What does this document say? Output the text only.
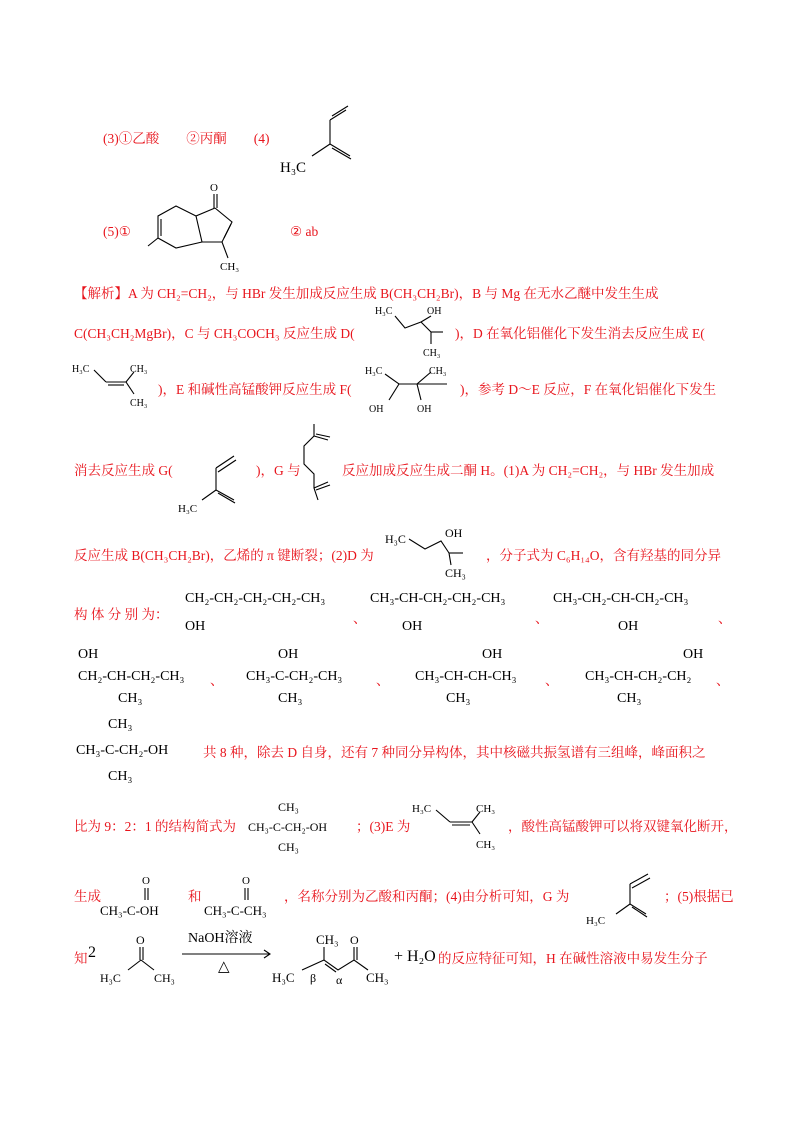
(3)①乙酸　　②丙酮　　(4)
H₃C
(5)①
O
CH₃
② ab
【解析】A 为 CH₂=CH₂，与 HBr 发生加成反应生成 B(CH₃CH₂Br)，B 与 Mg 在无水乙醚中发生生成
C(CH₃CH₂MgBr)，C 与 CH₃COCH₃ 反应生成 D(
H₃C	OH
CH₃
)，D 在氧化铝催化下发生消去反应生成 E(
H₃C	CH₃
CH₃
)，E 和碱性高锰酸钾反应生成 F(
H₃C	CH₃
OH	OH
)，参考 D～E 反应，F 在氧化铝催化下发生
消去反应生成 G(
H₃C
)，G 与	反应加成反应生成二酮 H。(1)A 为 CH₂=CH₂，与 HBr 发生加成
反应生成 B(CH₃CH₂Br)，乙烯的 π 键断裂；(2)D 为
H₃C	OH
CH₃
，分子式为 C₆H₁₄O，含有羟基的同分异
构 体 分 别 为：
CH₂-CH₂-CH₂-CH₂-CH₃
OH
、
CH₃-CH-CH₂-CH₂-CH₃
OH
、
CH₃-CH₂-CH-CH₂-CH₃
OH
、
OH
CH₂-CH-CH₂-CH₃
CH₃
、
OH
CH₃-C-CH₂-CH₃
CH₃
、
OH
CH₃-CH-CH-CH₃
CH₃
、
OH
CH₃-CH-CH₂-CH₂
CH₃
、
CH₃
CH₃-C-CH₂-OH
CH₃
共 8 种，除去 D 自身，还有 7 种同分异构体，其中核磁共振氢谱有三组峰，峰面积之
比为 9：2：1 的结构简式为
CH₃
CH₃-C-CH₂-OH
CH₃
；(3)E 为
H₃C	CH₃
CH₃
，酸性高锰酸钾可以将双键氧化断开，
生成
O
CH₃-C-OH
和
O
CH₃-C-CH₃
，名称分别为乙酸和丙酮；(4)由分析可知，G 为
H₃C
；(5)根据已
知 2
O
H₃C	CH₃
NaOH溶液
△
CH₃ O
H₃C	CH₃
β α
+ H₂O 的反应特征可知，H 在碱性溶液中易发生分子
